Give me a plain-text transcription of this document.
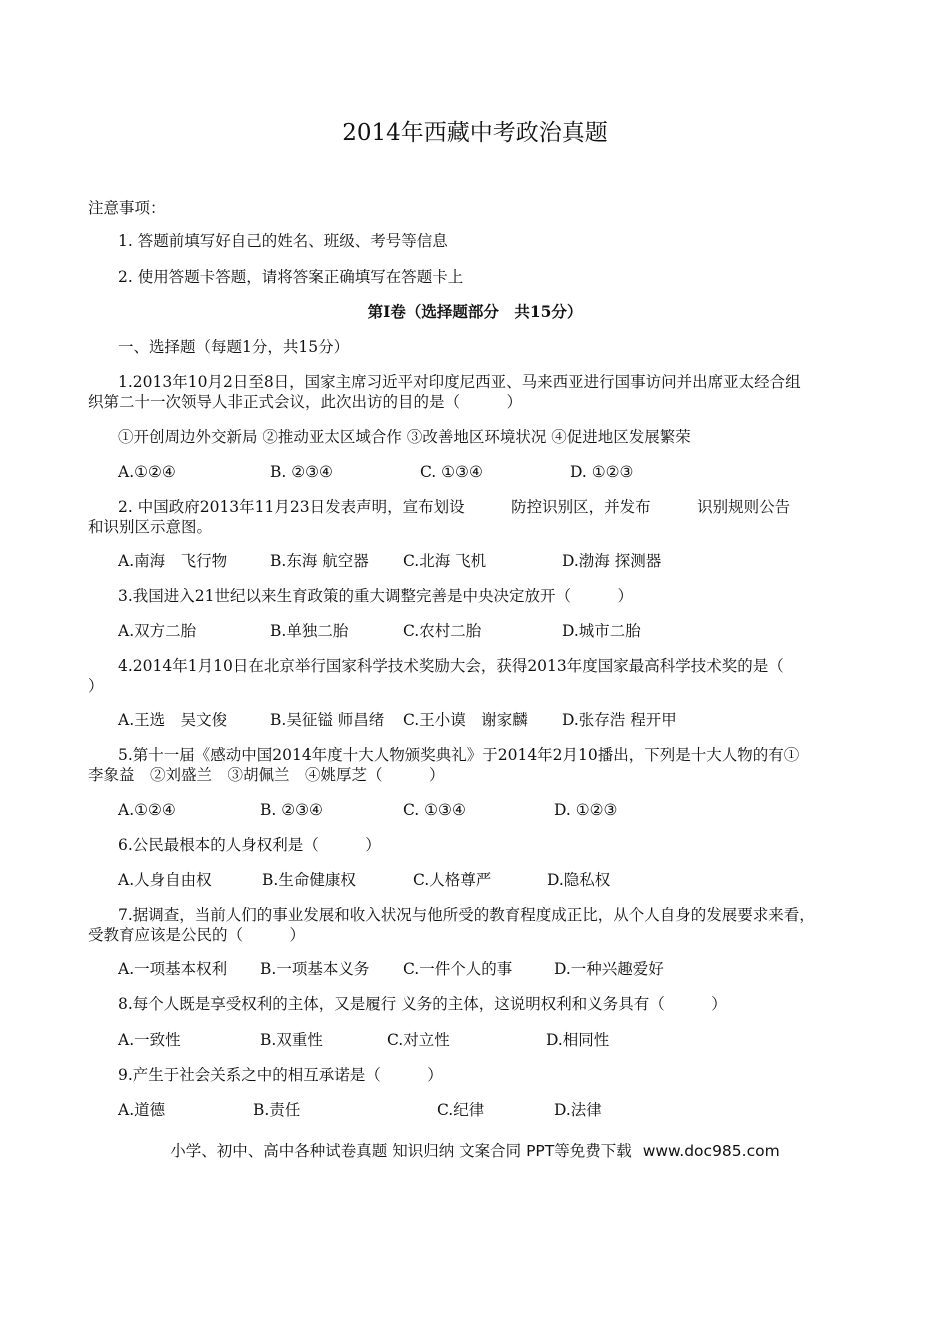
2014年西藏中考政治真题
注意事项：
1. 答题前填写好自己的姓名、班级、考号等信息
2. 使用答题卡答题，请将答案正确填写在答题卡上
第Ⅰ卷（选择题部分　共15分）
一、选择题（每题1分，共15分）
1.2013年10月2日至8日，国家主席习近平对印度尼西亚、马来西亚进行国事访问并出席亚太经合组
织第二十一次领导人非正式会议，此次出访的目的是（　　　）
①开创周边外交新局 ②推动亚太区域合作 ③改善地区环境状况 ④促进地区发展繁荣
A.①②④	B. ②③④	C. ①③④	D. ①②③
2. 中国政府2013年11月23日发表声明，宣布划设　　　防控识别区，并发布　　　识别规则公告
和识别区示意图。
A.南海　飞行物	B.东海 航空器 C.北海 飞机	D.渤海 探测器
3.我国进入21世纪以来生育政策的重大调整完善是中央决定放开（　　　）
A.双方二胎	B.单独二胎	C.农村二胎	D.城市二胎
4.2014年1月10日在北京举行国家科学技术奖励大会，获得2013年度国家最高科学技术奖的是（
）
A.王选　吴文俊	B.吴征镒 师昌绪 C.王小谟　谢家麟 D.张存浩 程开甲
5.第十一届《感动中国2014年度十大人物颁奖典礼》于2014年2月10播出，下列是十大人物的有①
李象益　②刘盛兰　③胡佩兰　④姚厚芝（　　　）
A.①②④	B. ②③④	C. ①③④	D. ①②③
6.公民最根本的人身权利是（　　　）
A.人身自由权	B.生命健康权	C.人格尊严	D.隐私权
7.据调查，当前人们的事业发展和收入状况与他所受的教育程度成正比，从个人自身的发展要求来看，
受教育应该是公民的（　　　）
A.一项基本权利 B.一项基本义务 C.一件个人的事	D.一种兴趣爱好
8.每个人既是享受权利的主体，又是履行 义务的主体，这说明权利和义务具有（　　　）
A.一致性	B.双重性	C.对立性	D.相同性
9.产生于社会关系之中的相互承诺是（　　　）
A.道德	B.责任	C.纪律	D.法律
小学、初中、高中各种试卷真题 知识归纳 文案合同 PPT等免费下载 www.doc985.com
